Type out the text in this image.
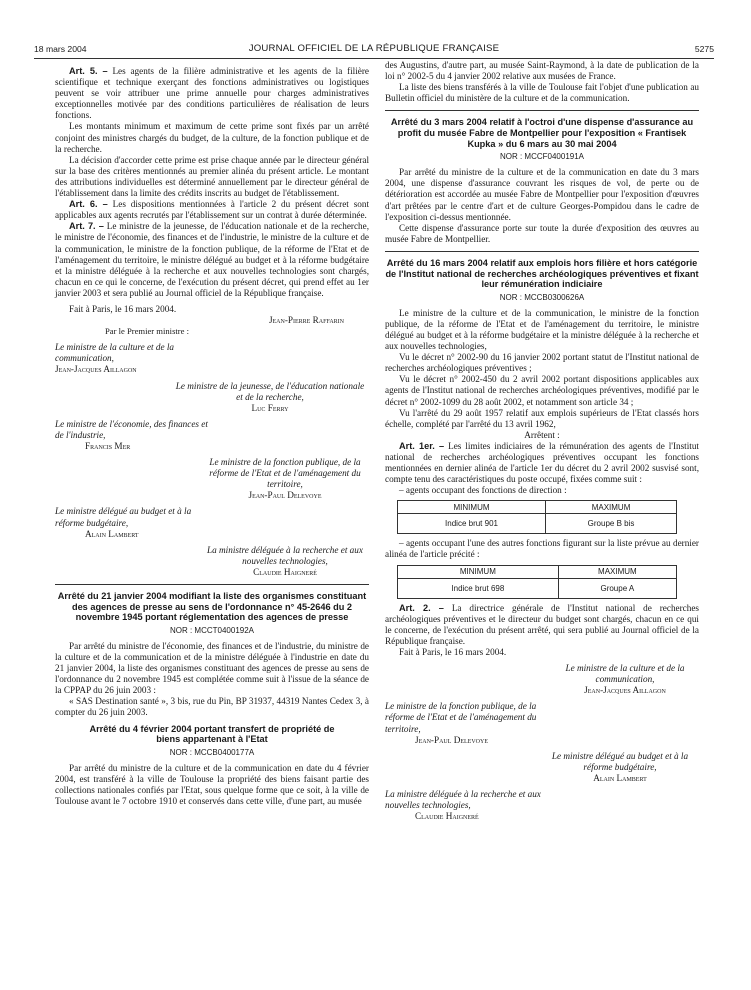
18 mars 2004	JOURNAL OFFICIEL DE LA RÉPUBLIQUE FRANÇAISE	5275

Art. 5. – Les agents de la filière administrative et les agents de la filière scientifique et technique exerçant des fonctions administratives ou logistiques peuvent se voir attribuer une prime annuelle pour charges administratives exceptionnelles motivée par des conditions particulières de réalisation de leurs fonctions.

Les montants minimum et maximum de cette prime sont fixés par un arrêté conjoint des ministres chargés du budget, de la culture, de la fonction publique et de la recherche.

La décision d'accorder cette prime est prise chaque année par le directeur général sur la base des critères mentionnés au premier alinéa du présent article. Le montant des attributions individuelles est déterminé annuellement par le directeur général de l'établissement dans la limite des crédits inscrits au budget de l'établissement.

Art. 6. – Les dispositions mentionnées à l'article 2 du présent décret sont applicables aux agents recrutés par l'établissement sur un contrat à durée déterminée.

Art. 7. – Le ministre de la jeunesse, de l'éducation nationale et de la recherche, le ministre de l'économie, des finances et de l'industrie, le ministre de la culture et de la communication, le ministre de la fonction publique, de la réforme de l'Etat et de l'aménagement du territoire, le ministre délégué au budget et à la réforme budgétaire et la ministre déléguée à la recherche et aux nouvelles technologies sont chargés, chacun en ce qui le concerne, de l'exécution du présent décret, qui prend effet au 1er janvier 2003 et sera publié au Journal officiel de la République française.

Fait à Paris, le 16 mars 2004.

Jean-Pierre Raffarin

Par le Premier ministre :

Le ministre de la culture et de la communication,

Jean-Jacques Aillagon

Le ministre de la jeunesse, de l'éducation nationale et de la recherche,

Luc Ferry

Le ministre de l'économie, des finances et de l'industrie,

Francis Mer

Le ministre de la fonction publique, de la réforme de l'Etat et de l'aménagement du territoire,

Jean-Paul Delevoye

Le ministre délégué au budget et à la réforme budgétaire,

Alain Lambert

La ministre déléguée à la recherche et aux nouvelles technologies,

Claudie Haigneré

Arrêté du 21 janvier 2004 modifiant la liste des organismes constituant des agences de presse au sens de l'ordonnance n° 45-2646 du 2 novembre 1945 portant réglementation des agences de presse

NOR : MCCT0400192A

Par arrêté du ministre de l'économie, des finances et de l'industrie, du ministre de la culture et de la communication et de la ministre déléguée à l'industrie en date du 21 janvier 2004, la liste des organismes constituant des agences de presse au sens de l'ordonnance du 2 novembre 1945 est complétée comme suit à l'issue de la séance de la CPPAP du 26 juin 2003 :

« SAS Destination santé », 3 bis, rue du Pin, BP 31937, 44319 Nantes Cedex 3, à compter du 26 juin 2003.

Arrêté du 4 février 2004 portant transfert de propriété de biens appartenant à l'Etat

NOR : MCCB0400177A

Par arrêté du ministre de la culture et de la communication en date du 4 février 2004, est transféré à la ville de Toulouse la propriété des biens faisant partie des collections nationales confiés par l'Etat, sous quelque forme que ce soit, à la ville de Toulouse avant le 7 octobre 1910 et conservés dans cette ville, d'une part, au musée

des Augustins, d'autre part, au musée Saint-Raymond, à la date de publication de la loi n° 2002-5 du 4 janvier 2002 relative aux musées de France.

La liste des biens transférés à la ville de Toulouse fait l'objet d'une publication au Bulletin officiel du ministère de la culture et de la communication.

Arrêté du 3 mars 2004 relatif à l'octroi d'une dispense d'assurance au profit du musée Fabre de Montpellier pour l'exposition « Frantisek Kupka » du 6 mars au 30 mai 2004

NOR : MCCF0400191A

Par arrêté du ministre de la culture et de la communication en date du 3 mars 2004, une dispense d'assurance couvrant les risques de vol, de perte ou de détérioration est accordée au musée Fabre de Montpellier pour l'exposition d'œuvres d'art prêtées par le centre d'art et de culture Georges-Pompidou dans le cadre de l'exposition ci-dessus mentionnée.

Cette dispense d'assurance porte sur toute la durée d'exposition des œuvres au musée Fabre de Montpellier.

Arrêté du 16 mars 2004 relatif aux emplois hors filière et hors catégorie de l'Institut national de recherches archéologiques préventives et fixant leur rémunération indiciaire

NOR : MCCB0300626A

Le ministre de la culture et de la communication, le ministre de la fonction publique, de la réforme de l'Etat et de l'aménagement du territoire, le ministre délégué au budget et à la réforme budgétaire et la ministre déléguée à la recherche et aux nouvelles technologies,

Vu le décret n° 2002-90 du 16 janvier 2002 portant statut de l'Institut national de recherches archéologiques préventives ;

Vu le décret n° 2002-450 du 2 avril 2002 portant dispositions applicables aux agents de l'Institut national de recherches archéologiques préventives, modifié par le décret n° 2002-1099 du 28 août 2002, et notamment son article 34 ;

Vu l'arrêté du 29 août 1957 relatif aux emplois supérieurs de l'Etat classés hors échelle, complété par l'arrêté du 13 avril 1962,

Arrêtent :

Art. 1er. – Les limites indiciaires de la rémunération des agents de l'Institut national de recherches archéologiques préventives occupant les fonctions mentionnées en dernier alinéa de l'article 1er du décret du 2 avril 2002 susvisé sont, compte tenu des caractéristiques du poste occupé, fixées comme suit :

– agents occupant des fonctions de direction :

MINIMUM	MAXIMUM
Indice brut 901	Groupe B bis

– agents occupant l'une des autres fonctions figurant sur la liste prévue au dernier alinéa de l'article précité :

MINIMUM	MAXIMUM
Indice brut 698	Groupe A

Art. 2. – La directrice générale de l'Institut national de recherches archéologiques préventives et le directeur du budget sont chargés, chacun en ce qui le concerne, de l'exécution du présent arrêté, qui sera publié au Journal officiel de la République française.

Fait à Paris, le 16 mars 2004.

Le ministre de la culture et de la communication,

Jean-Jacques Aillagon

Le ministre de la fonction publique, de la réforme de l'Etat et de l'aménagement du territoire,

Jean-Paul Delevoye

Le ministre délégué au budget et à la réforme budgétaire,

Alain Lambert

La ministre déléguée à la recherche et aux nouvelles technologies,

Claudie Haigneré
